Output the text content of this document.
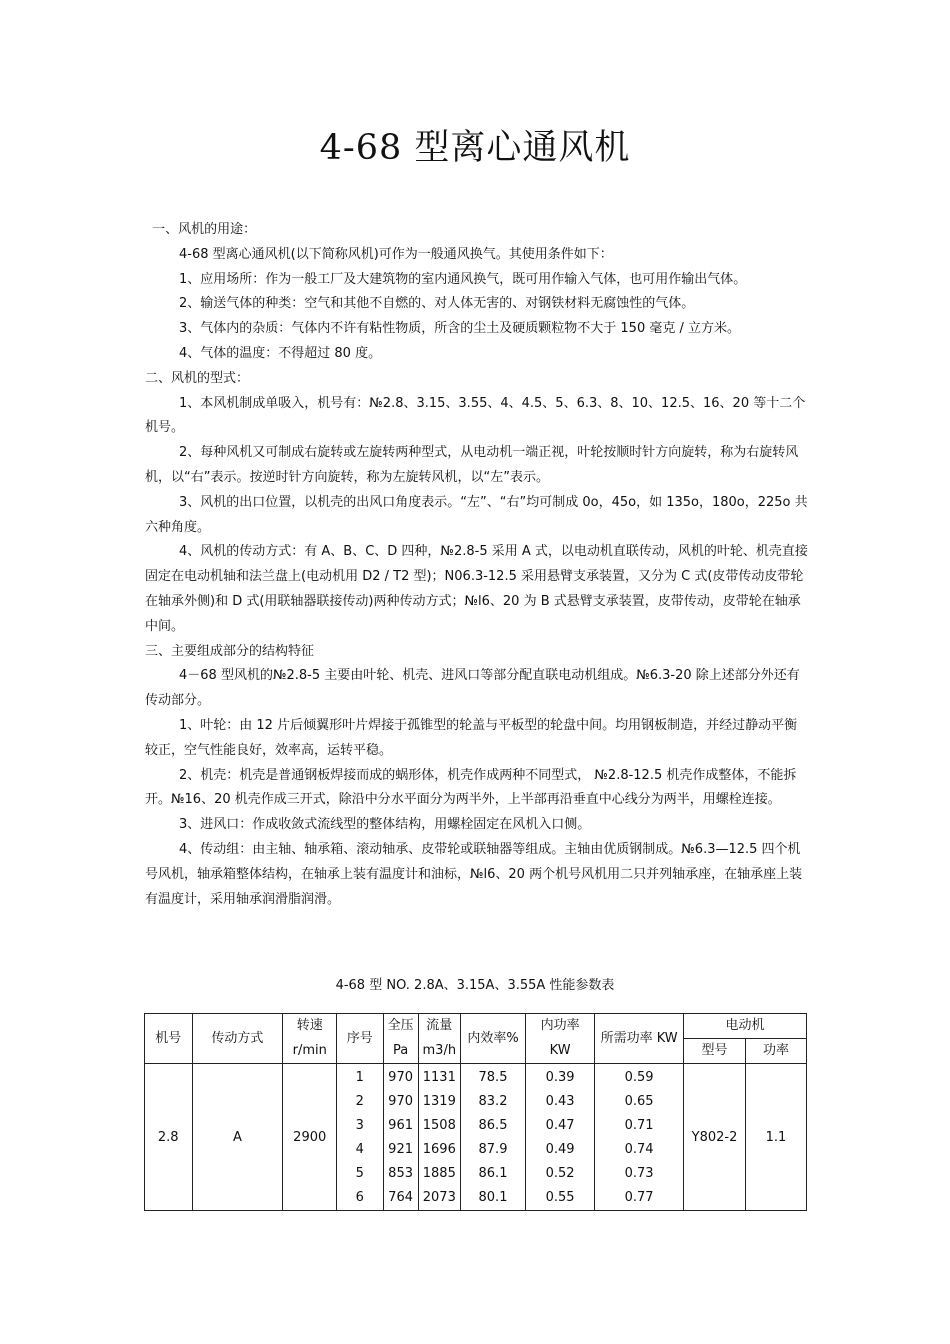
4-68 型离心通风机

一、风机的用途：

4-68 型离心通风机(以下简称风机)可作为一般通风换气。其使用条件如下：

1、应用场所：作为一般工厂及大建筑物的室内通风换气，既可用作输入气体，也可用作输出气体。

2、输送气体的种类：空气和其他不自燃的、对人体无害的、对钢铁材料无腐蚀性的气体。

3、气体内的杂质：气体内不许有粘性物质，所含的尘土及硬质颗粒物不大于 150 毫克 / 立方米。

4、气体的温度：不得超过 80 度。

二、风机的型式：

1、本风机制成单吸入，机号有：№2.8、3.15、3.55、4、4.5、5、6.3、8、10、12.5、16、20 等十二个机号。

2、每种风机又可制成右旋转或左旋转两种型式，从电动机一端正视，叶轮按顺时针方向旋转，称为右旋转风机，以“右”表示。按逆时针方向旋转，称为左旋转风机，以“左”表示。

3、风机的出口位置，以机壳的出风口角度表示。“左”、“右”均可制成 0o，45o，如 135o，180o，225o 共六种角度。

4、风机的传动方式：有 A、B、C、D 四种，№2.8-5 采用 A 式，以电动机直联传动，风机的叶轮、机壳直接固定在电动机轴和法兰盘上(电动机用 D2 / T2 型)；N06.3-12.5 采用悬臂支承装置，又分为 C 式(皮带传动皮带轮在轴承外侧)和 D 式(用联轴器联接传动)两种传动方式；№l6、20 为 B 式悬臂支承装置，皮带传动，皮带轮在轴承中间。

三、主要组成部分的结构特征

4－68 型风机的№2.8-5 主要由叶轮、机壳、进风口等部分配直联电动机组成。№6.3-20 除上述部分外还有传动部分。

1、叶轮：由 12 片后倾翼形叶片焊接于孤锥型的轮盖与平板型的轮盘中间。均用钢板制造，并经过静动平衡较正，空气性能良好，效率高，运转平稳。

2、机壳：机壳是普通钢板焊接而成的蜗形体，机壳作成两种不同型式， №2.8-12.5 机壳作成整体，不能拆开。№16、20 机壳作成三开式，除沿中分水平面分为两半外，上半部再沿垂直中心线分为两半，用螺栓连接。

3、进风口：作成收敛式流线型的整体结构，用螺栓固定在风机入口侧。

4、传动组：由主轴、轴承箱、滚动轴承、皮带轮或联轴器等组成。主轴由优质钢制成。№6.3—12.5 四个机号风机，轴承箱整体结构，在轴承上装有温度计和油标，№l6、20 两个机号风机用二只并列轴承座，在轴承座上装有温度计，采用轴承润滑脂润滑。

4-68 型 NO. 2.8A、3.15A、3.55A 性能参数表
机号	传动方式	转速	序号	全压	流量	内效率%	内功率	所需功率 KW	电动机	
		r/min		Pa	m3/h		KW		型号	功率
2.8	A	2900	1	970	1131	78.5	0.39	0.59	Y802-2	1.1
			2	970	1319	83.2	0.43	0.65		
			3	961	1508	86.5	0.47	0.71		
			4	921	1696	87.9	0.49	0.74		
			5	853	1885	86.1	0.52	0.73		
			6	764	2073	80.1	0.55	0.77		
